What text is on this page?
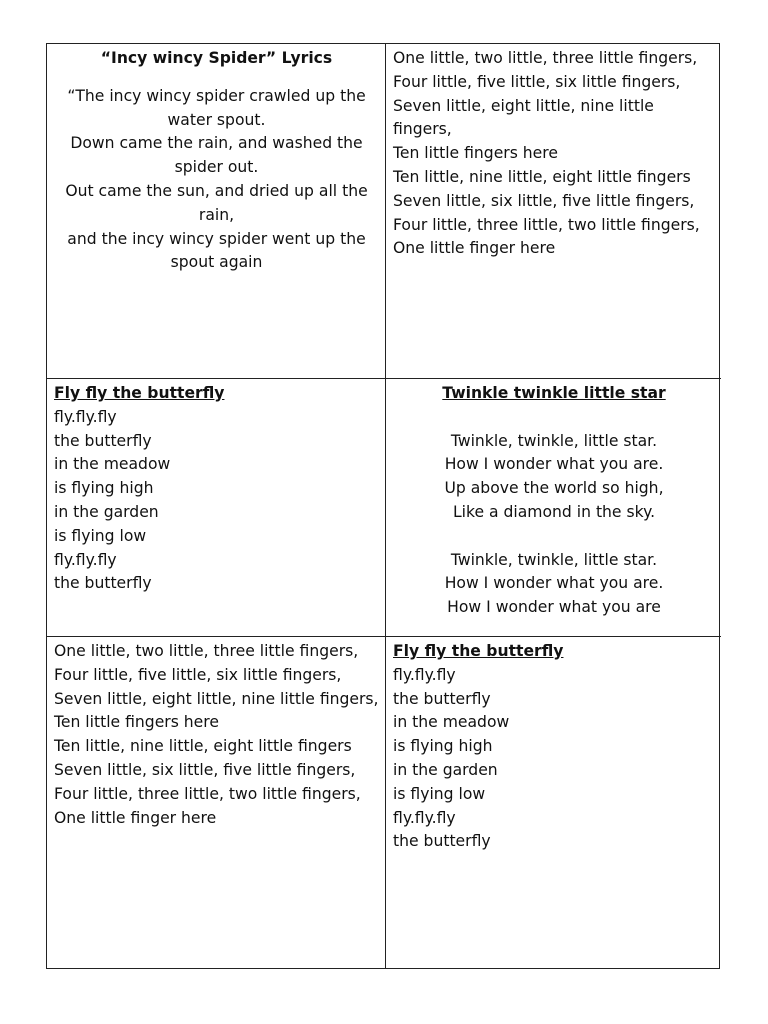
“Incy wincy Spider” Lyrics
“The incy wincy spider crawled up the water spout.
Down came the rain, and washed the spider out.
Out came the sun, and dried up all the rain,
and the incy wincy spider went up the spout again
One little, two little, three little fingers,
Four little, five little, six little fingers,
Seven little, eight little, nine little fingers,
Ten little fingers here
Ten little, nine little, eight little fingers
Seven little, six little, five little fingers,
Four little, three little, two little fingers,
One little finger here
Fly fly the butterfly
fly.fly.fly
the butterfly
in the meadow
is flying high
in the garden
is flying low
fly.fly.fly
the butterfly
Twinkle twinkle little star
Twinkle, twinkle, little star.
How I wonder what you are.
Up above the world so high,
Like a diamond in the sky.
Twinkle, twinkle, little star.
How I wonder what you are.
How I wonder what you are
One little, two little, three little fingers,
Four little, five little, six little fingers,
Seven little, eight little, nine little fingers,
Ten little fingers here
Ten little, nine little, eight little fingers
Seven little, six little, five little fingers,
Four little, three little, two little fingers,
One little finger here
Fly fly the butterfly
fly.fly.fly
the butterfly
in the meadow
is flying high
in the garden
is flying low
fly.fly.fly
the butterfly
